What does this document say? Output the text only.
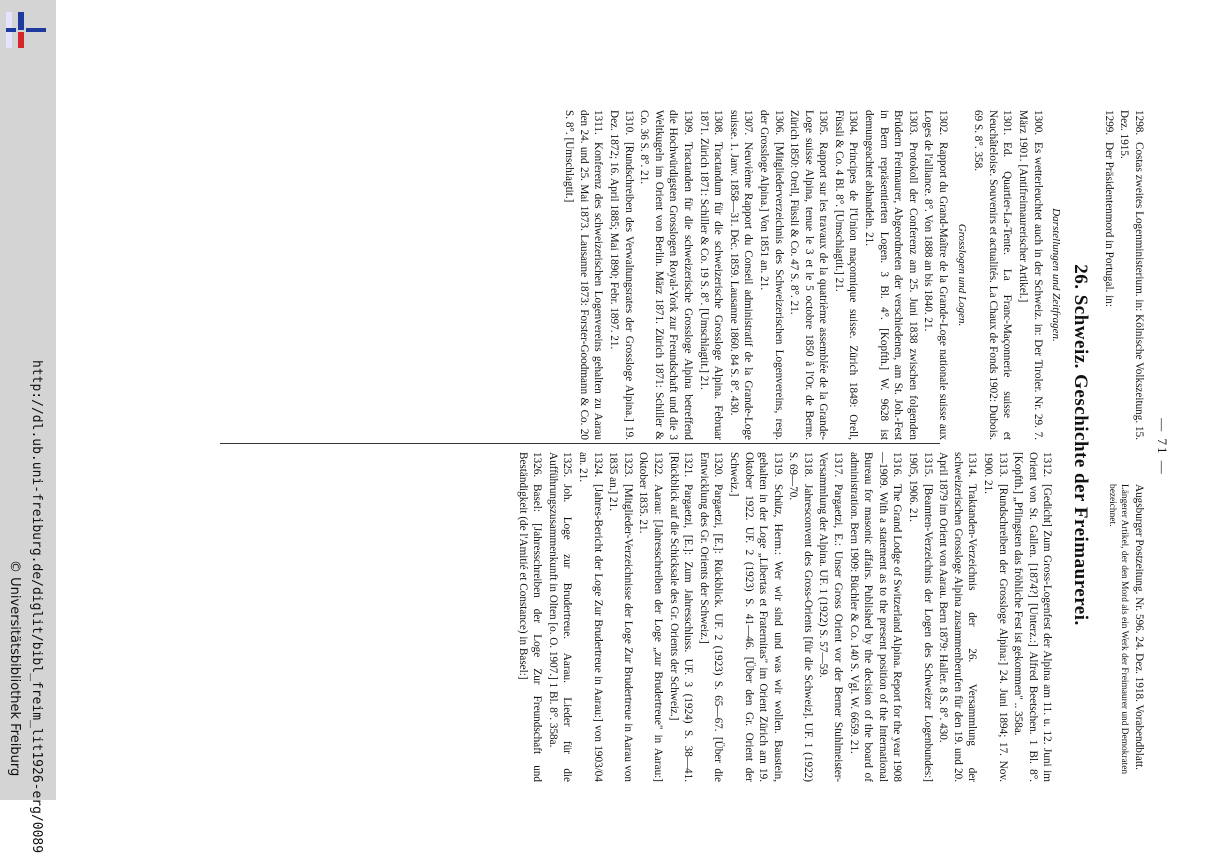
http://dl.ub.uni-freiburg.de/diglit/bibl_freim_lit1926-erg/0089
© Universitätsbibliothek Freiburg
— 71 —
1298.Costas zweites Logenministerium. in: Kölnische Volkszeitung. 15. Dez. 1915.
1299.Der Präsidentenmord in Portugal. in:
26. Schweiz. Geschichte der Freimaurerei.
Darstellungen und Zeitfragen.
1300.Es wetterleuchtet auch in der Schweiz. in: Der Tiroler. Nr. 29. 7. März 1901. [Antifreimaurerischer Artikel.]
1301.Ed. Quartier-La-Tente. La Franc-Maçonnerie suisse et Neuchâteloise. Souvenirs et actualités. La Chaux de Fonds 1902: Dubois. 69 S. 8°. 358.
Grosslogen und Logen.
1302.Rapport du Grand-Maître de la Grande-Loge nationale suisse aux Loges de l'alliance. 8°. Von 1888 an bis 1840. 21.
1303.Protokoll der Conferenz am 25. Juni 1838 zwischen folgenden Brüdern Freimaurer, Abgeordneten der verschiedenen, am St. Joh.-Fest in Bern repräsentierten Logen. 3 Bl. 4°. [Kopfth.] W. 9628 ist demungeachtet abhandeln. 21.
1304.Principes de l'Union maçonnique suisse. Zürich 1849: Orell, Füssli & Co. 4 Bl. 8°. [Umschlagtit.] 21.
1305.Rapport sur les travaux de la quatrième assemblée de la Grande-Loge suisse Alpina, tenue le 3 et le 5 octobre 1850 à l'Or. de Berne. Zürich 1850: Orell, Füssli & Co. 47 S. 8°. 21.
1306.[Mitgliederverzeichnis des Schweizerischen Logenvereins, resp. der Grossloge Alpina.] Von 1851 an. 21.
1307.Neuvième Rapport du Conseil administratif de la Grande-Loge suisse. 1. Janv. 1858—31. Déc. 1859. Lausanne 1860. 84 S. 8°. 430.
1308.Tractandum für die schweizerische Grossloge Alpina. Februar 1871. Zürich 1871: Schiller & Co. 19 S. 8°. [Umschlagtit.] 21.
1309.Tractanden für die schweizerische Grossloge Alpina betreffend die Hochwürdigsten Grosslogen Royal-York zur Freundschaft und die 3 Weltkugeln im Orient von Berlin. März 1871. Zürich 1871: Schiller & Co. 36 S. 8°. 21.
1310.[Rundschreiben des Verwaltungsrates der Grossloge Alpina.] 19. Dez. 1872; 16. April 1885; Mai 1890; Febr. 1897. 21.
1311.Konferenz des schweizerischen Logenvereins gehalten zu Aarau den 24. und 25. Mai 1873. Lausanne 1873: Forster-Goodmann & Co. 20 S. 8°. [Umschlagtit.]
Augsburger Postzeitung. Nr. 596. 24. Dez. 1918. Vorabendblatt.
Längerer Artikel, der den Mord als ein Werk der Freimaurer und Demokraten bezeichnet.
1312.[Gedicht] Zum Gross-Logenfest der Alpina am 11. u. 12. Juni im Orient von St. Gallen. [1874?] [Unterz.:] Alfred Beetschen. 1 Bl. 8°. [Kopfth.] „Pflingsten das fröhliche Fest ist gekommen" .. 358a.
1313.[Rundschreiben der Grossloge Alpina:] 24. Juni 1894; 17. Nov. 1900. 21.
1314.Traktanden-Verzeichnis der 26. Versammlung der schweizerischen Grossloge Alpina zusammenberufen für den 19. und 20. April 1879 im Orient von Aarau. Bern 1879: Haller. 8 S. 8°. 430.
1315.[Beamten-Verzeichnis der Logen des Schweizer Logenbundes:] 1905, 1906. 21.
1316.The Grand Lodge of Switzerland Alpina. Report for the year 1908—1909. With a statement as to the present position of the International Bureau for masonic affairs. Published by the decision of the board of administration. Bern 1909: Büchler & Co. 140 S. Vgl. W. 6659. 21.
1317.Pargaetzi, E.: Unser Gross Orient vor der Berner Stuhlmeister-Versammlung der Alpina. UF. 1 (1922) S. 57—59.
1318.Jahresconvent des Gross-Orients [für die Schweiz]. UF. 1 (1922) S. 69—70.
1319.Schütz, Herm.: Wer wir sind und was wir wollen. Baustein, gehalten in der Loge „Libertas et Fraternitas" im Orient Zürich am 19. Oktober 1922. UF. 2 (1923) S. 41—46. [Über den Gr. Orient der Schweiz.]
1320.Pargaetzi, [E.]: Rückblick. UF. 2 (1923) S. 65—67. [Über die Entwicklung des Gr. Orients der Schweiz.]
1321.Pargaetzi, [E.]: Zum Jahresschluss. UF. 3 (1924) S. 38—41. [Rückblick auf die Schicksale des Gr. Orients der Schweiz.]
1322.Aarau: [Jahresschreiben der Loge „zur Brudertreue" in Aarau:] Oktober 1835. 21.
1323.[Mitglieder-Verzeichnisse der Loge Zur Brudertreue in Aarau von 1835 an.] 21.
1324.[Jahres-Bericht der Loge Zur Brudertreue in Aarau:] von 1903/04 an. 21.
1325.Joh. Loge zur Brudertreue. Aarau. Lieder für die Aufführungszusammenkunft in Olten [o. O. 1907.] 1 Bl. 8°. 358a.
1326.Basel: [Jahresschreiben der Loge Zur Freundschaft und Beständigkeit (de l'Amitié et Constance) in Basel:]
